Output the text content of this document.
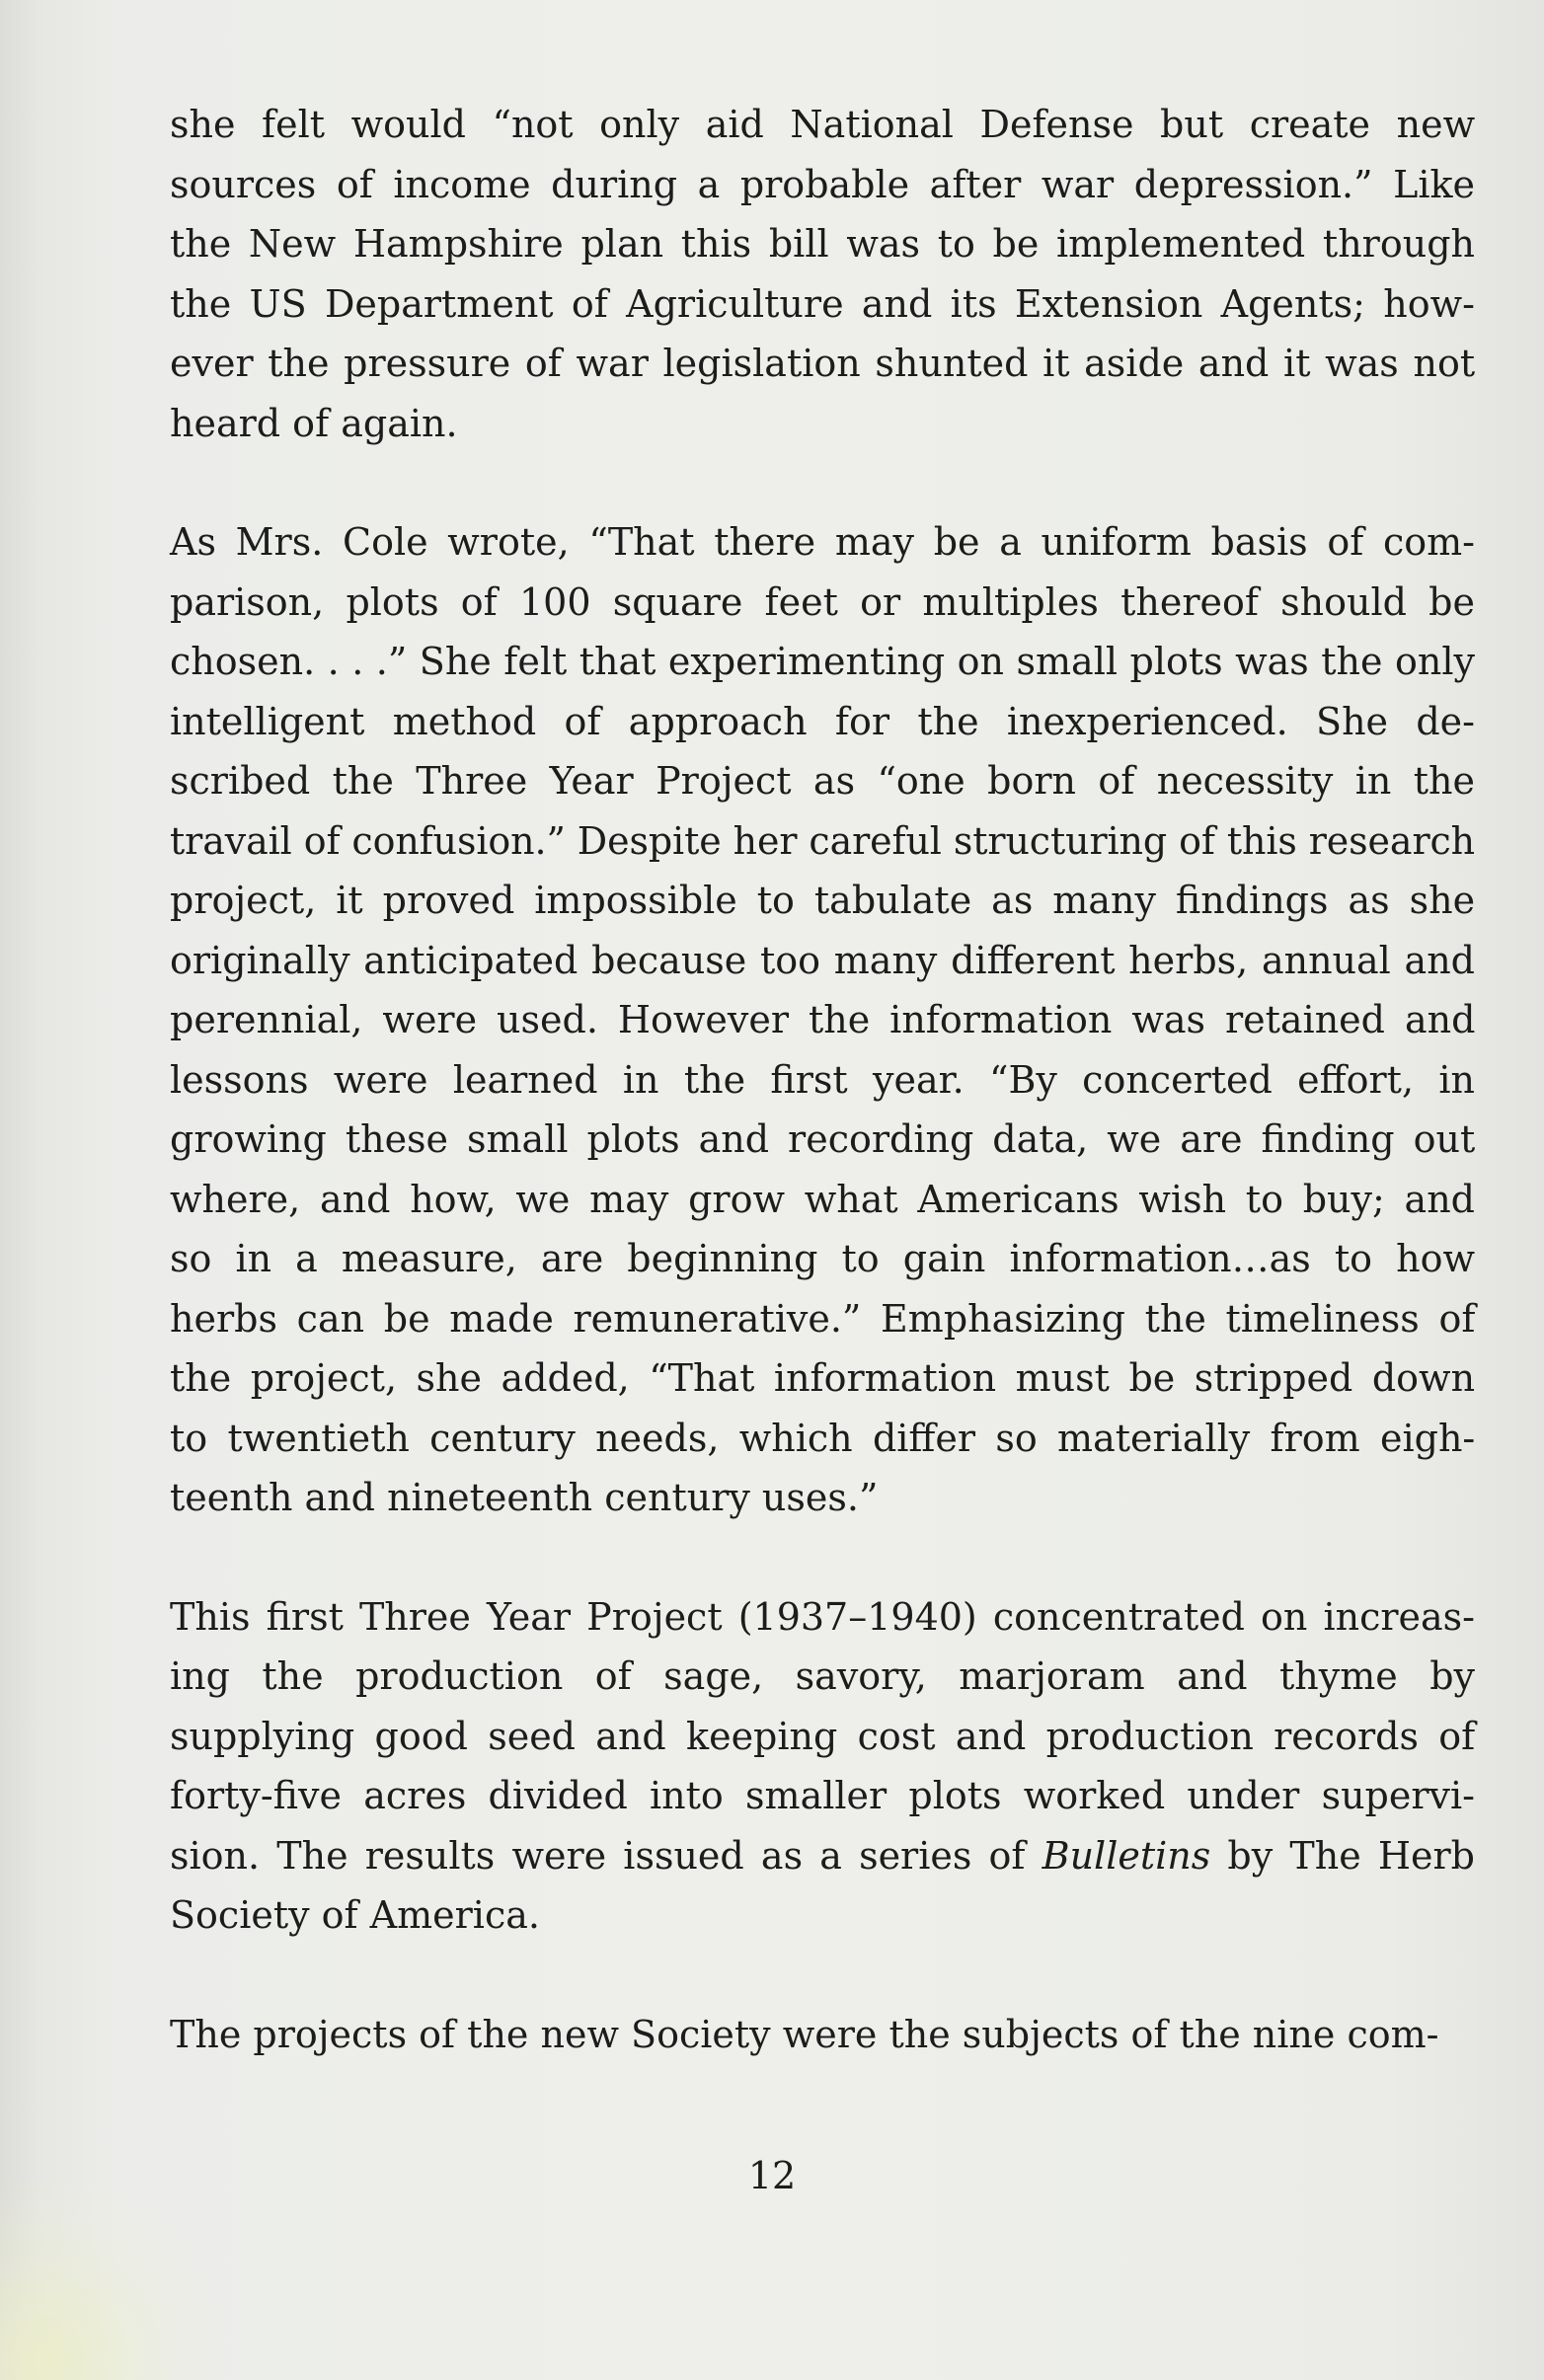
she felt would “not only aid National Defense but create new
sources of income during a probable after war depression.” Like
the New Hampshire plan this bill was to be implemented through
the US Department of Agriculture and its Extension Agents; how-
ever the pressure of war legislation shunted it aside and it was not
heard of again.
As Mrs. Cole wrote, “That there may be a uniform basis of com-
parison, plots of 100 square feet or multiples thereof should be
chosen. . . .” She felt that experimenting on small plots was the only
intelligent method of approach for the inexperienced. She de-
scribed the Three Year Project as “one born of necessity in the
travail of confusion.” Despite her careful structuring of this research
project, it proved impossible to tabulate as many findings as she
originally anticipated because too many different herbs, annual and
perennial, were used. However the information was retained and
lessons were learned in the first year. “By concerted effort, in
growing these small plots and recording data, we are finding out
where, and how, we may grow what Americans wish to buy; and
so in a measure, are beginning to gain information…as to how
herbs can be made remunerative.” Emphasizing the timeliness of
the project, she added, “That information must be stripped down
to twentieth century needs, which differ so materially from eigh-
teenth and nineteenth century uses.”
This first Three Year Project (1937–1940) concentrated on increas-
ing the production of sage, savory, marjoram and thyme by
supplying good seed and keeping cost and production records of
forty-five acres divided into smaller plots worked under supervi-
sion. The results were issued as a series of Bulletins by The Herb
Society of America.
The projects of the new Society were the subjects of the nine com-
12
